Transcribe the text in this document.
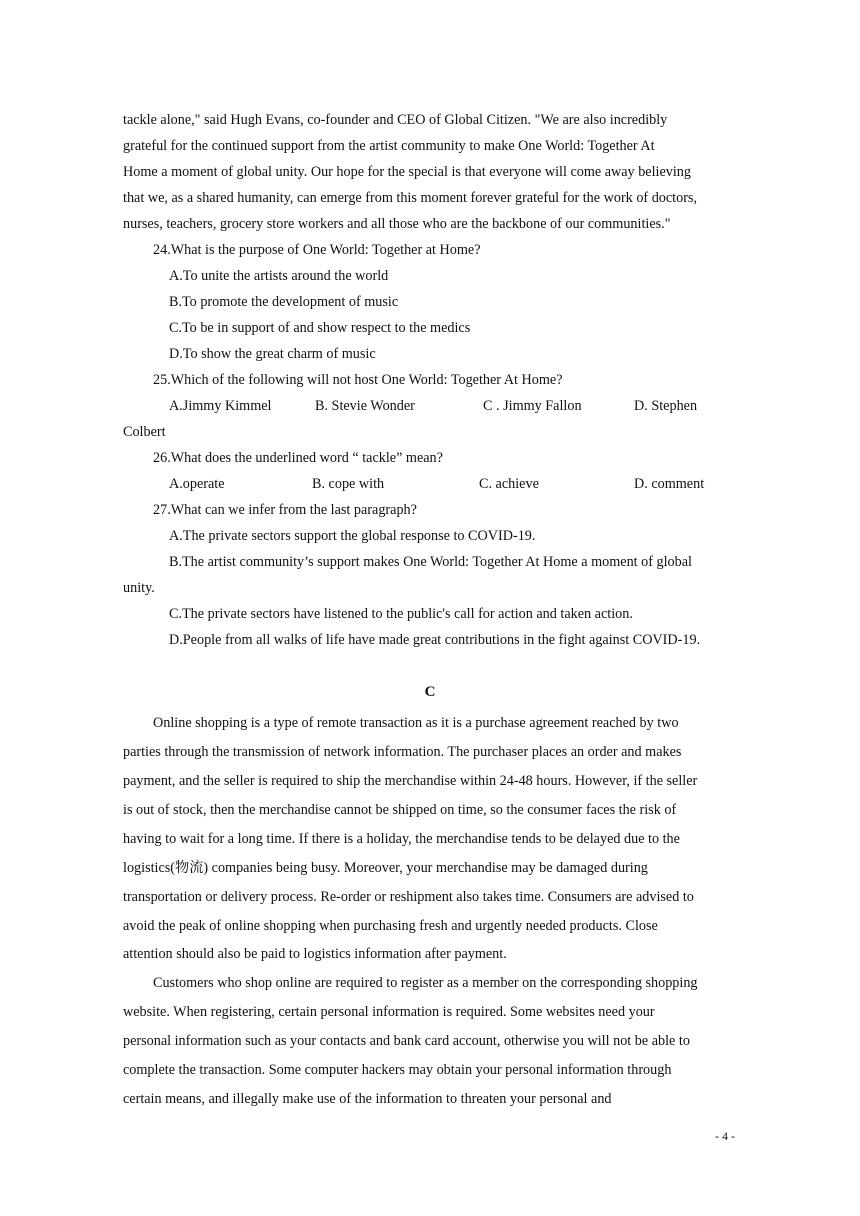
tackle alone," said Hugh Evans, co-founder and CEO of Global Citizen. "We are also incredibly
grateful for the continued support from the artist community to make One World: Together At
Home a moment of global unity. Our hope for the special is that everyone will come away believing
that we, as a shared humanity, can emerge from this moment forever grateful for the work of doctors,
nurses, teachers, grocery store workers and all those who are the backbone of our communities."
24.What is the purpose of One World: Together at Home?
A.To unite the artists around the world
B.To promote the development of music
C.To be in support of and show respect to the medics
D.To show the great charm of music
25.Which of the following will not host One World: Together At Home?
A.Jimmy Kimmel	B. Stevie Wonder	C . Jimmy Fallon	D. Stephen
Colbert
26.What does the underlined word “ tackle” mean?
A.operate	B. cope with	C. achieve	D. comment
27.What can we infer from the last paragraph?
A.The private sectors support the global response to COVID-19.
B.The artist community’s support makes One World: Together At Home a moment of global
unity.
C.The private sectors have listened to the public's call for action and taken action.
D.People from all walks of life have made great contributions in the fight against COVID-19.
C
Online shopping is a type of remote transaction as it is a purchase agreement reached by two
parties through the transmission of network information. The purchaser places an order and makes
payment, and the seller is required to ship the merchandise within 24-48 hours. However, if the seller
is out of stock, then the merchandise cannot be shipped on time, so the consumer faces the risk of
having to wait for a long time. If there is a holiday, the merchandise tends to be delayed due to the
logistics(物流) companies being busy. Moreover, your merchandise may be damaged during
transportation or delivery process. Re-order or reshipment also takes time. Consumers are advised to
avoid the peak of online shopping when purchasing fresh and urgently needed products. Close
attention should also be paid to logistics information after payment.
Customers who shop online are required to register as a member on the corresponding shopping
website. When registering, certain personal information is required. Some websites need your
personal information such as your contacts and bank card account, otherwise you will not be able to
complete the transaction. Some computer hackers may obtain your personal information through
certain means, and illegally make use of the information to threaten your personal and
- 4 -
